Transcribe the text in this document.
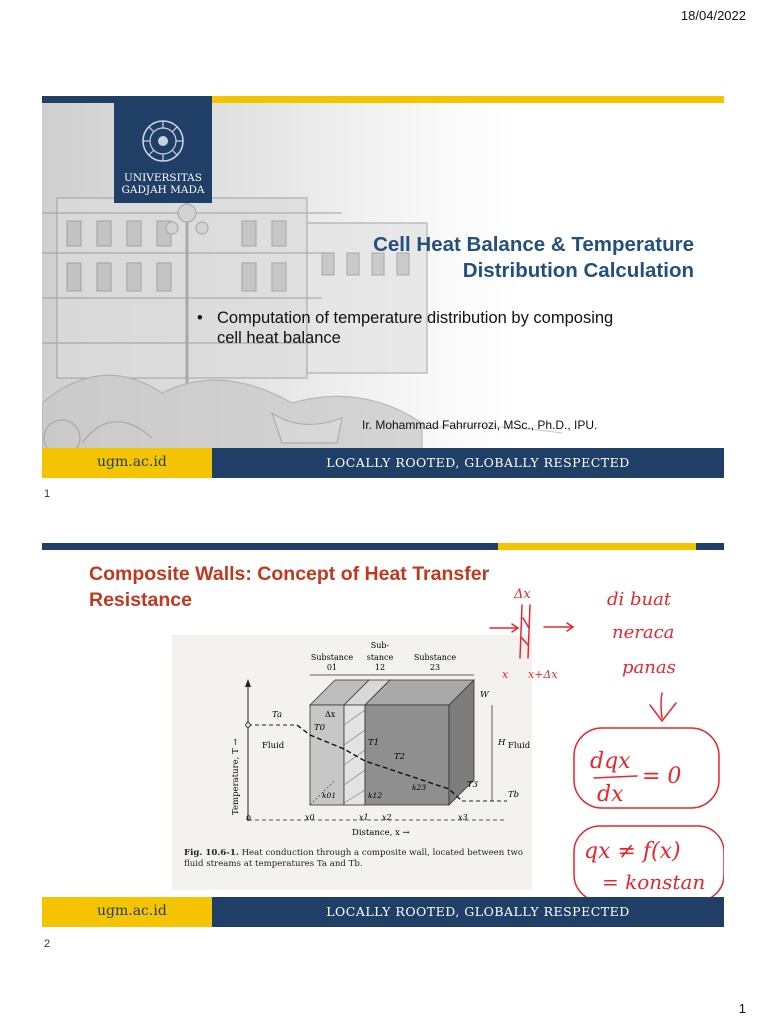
18/04/2022
UNIVERSITAS
GADJAH MADA
Cell Heat Balance & Temperature
Distribution Calculation
• Computation of temperature distribution by composing cell heat balance
Ir. Mohammad Fahrurrozi, MSc., Ph.D., IPU.
ugm.ac.id	LOCALLY ROOTED, GLOBALLY RESPECTED
1
Composite Walls: Concept of Heat Transfer
Resistance
Sub-
Substance
01
stance
12
Substance
23
Temperature, T →
Ta
Fluid
T0
Δx
T1
T2
T3
H
W
Fluid
Tb
k01	k12
k23
0	x0	x1 x2	x3
Distance, x →
Fig. 10.6-1. Heat conduction through a composite wall, located between two fluid streams at temperatures Ta and Tb.
Δx
x x+Δx
di buat
neraca
panas
dqx
dx
= 0
qx ≠ f(x)
= konstan
ugm.ac.id	LOCALLY ROOTED, GLOBALLY RESPECTED
2
1
